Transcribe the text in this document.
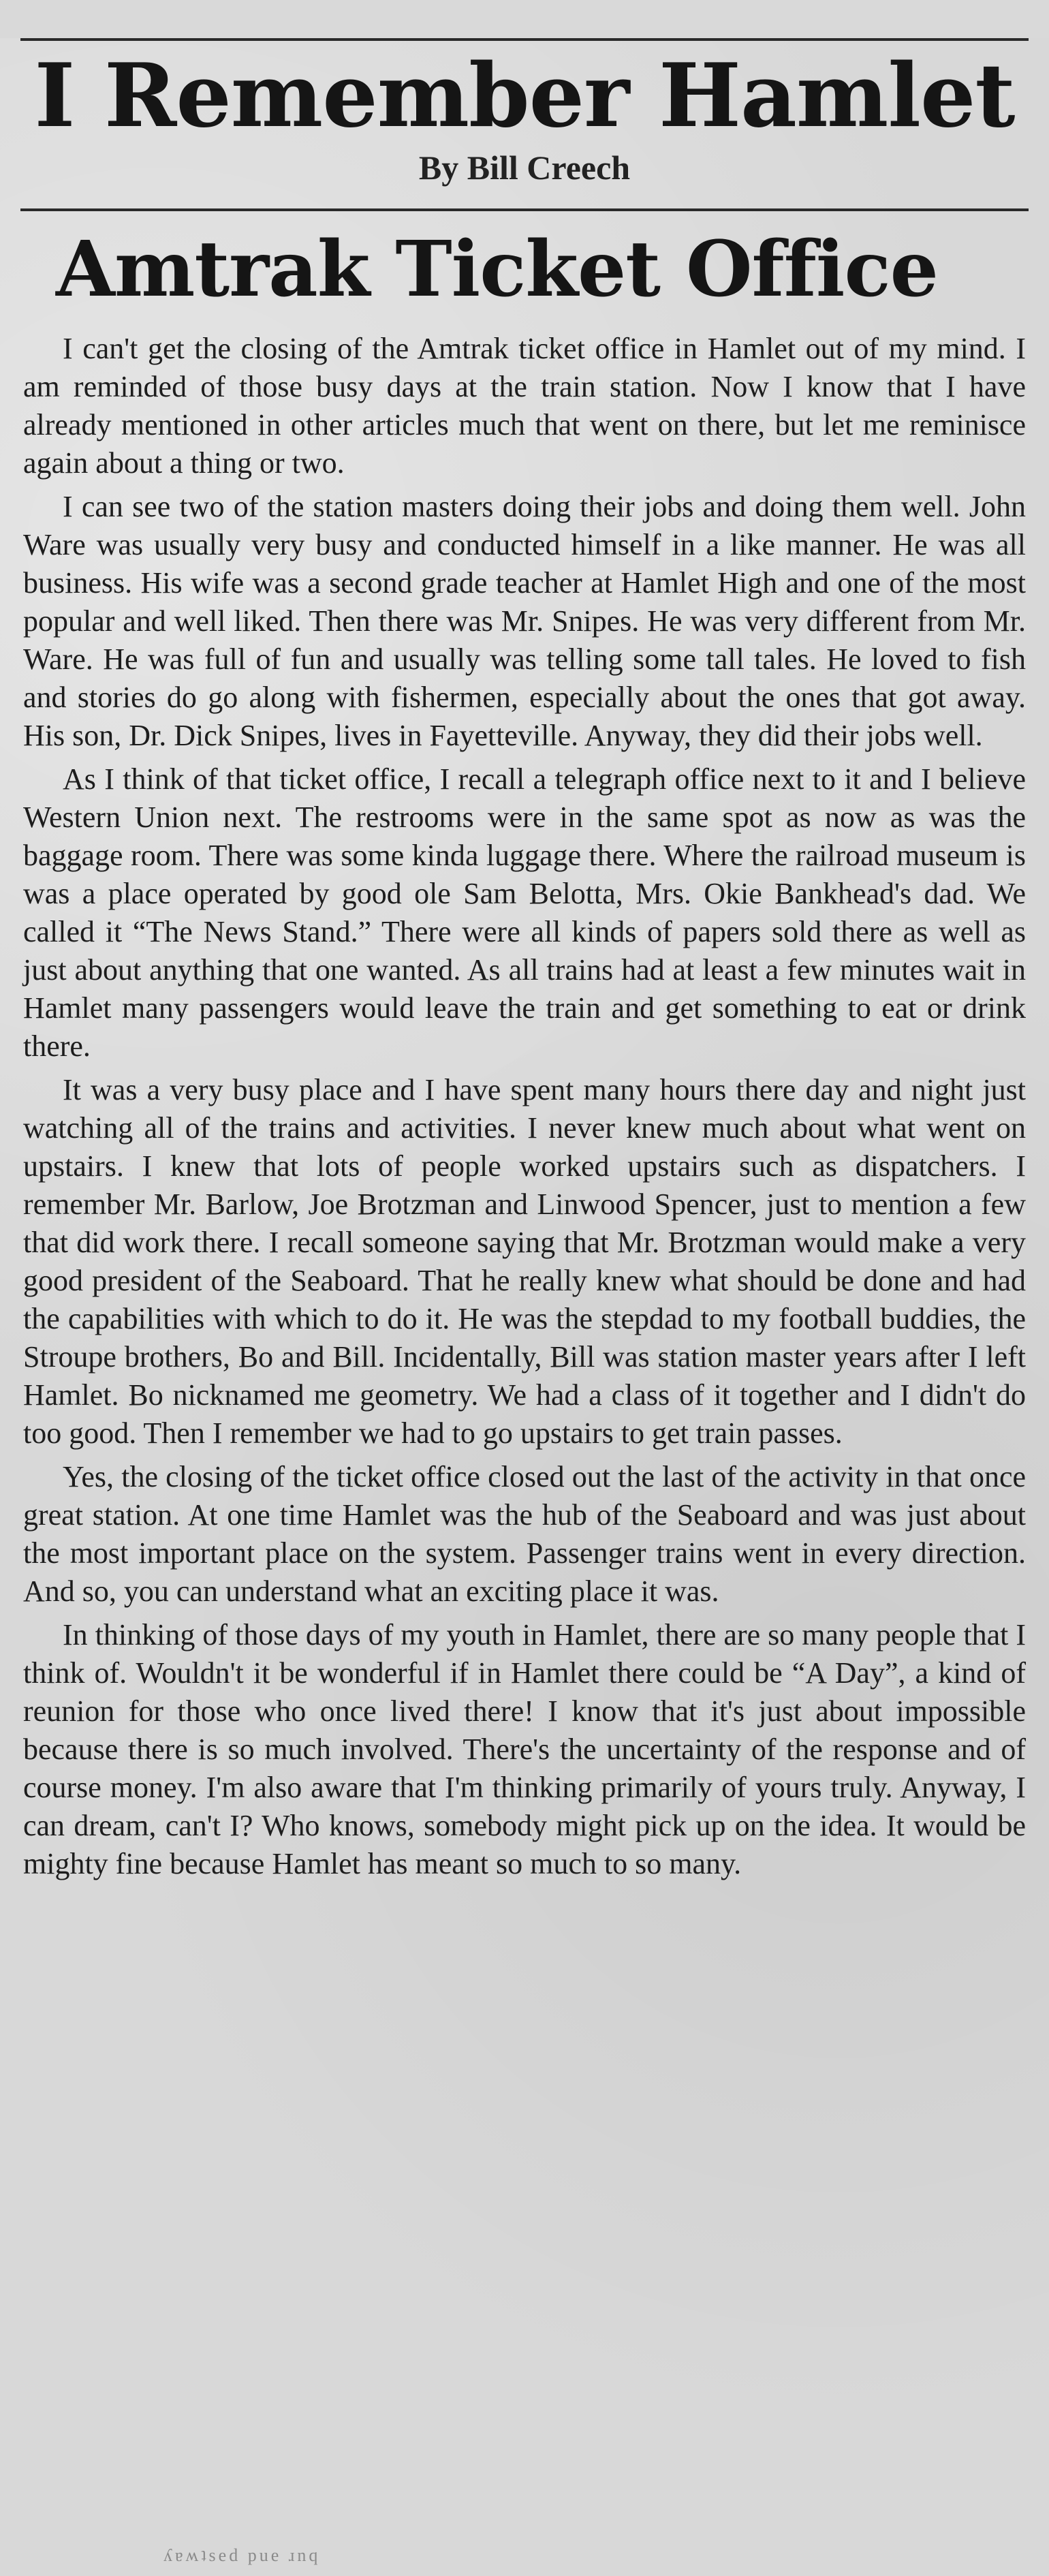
I Remember Hamlet
By Bill Creech
Amtrak Ticket Office

I can't get the closing of the Amtrak ticket office in Hamlet out of my mind. I am reminded of those busy days at the train station. Now I know that I have already mentioned in other articles much that went on there, but let me reminisce again about a thing or two.

I can see two of the station masters doing their jobs and doing them well. John Ware was usually very busy and conducted himself in a like manner. He was all business. His wife was a second grade teacher at Hamlet High and one of the most popular and well liked. Then there was Mr. Snipes. He was very different from Mr. Ware. He was full of fun and usually was telling some tall tales. He loved to fish and stories do go along with fishermen, especially about the ones that got away. His son, Dr. Dick Snipes, lives in Fayetteville. Anyway, they did their jobs well.

As I think of that ticket office, I recall a telegraph office next to it and I believe Western Union next. The restrooms were in the same spot as now as was the baggage room. There was some kinda luggage there. Where the railroad museum is was a place operated by good ole Sam Belotta, Mrs. Okie Bankhead's dad. We called it “The News Stand.” There were all kinds of papers sold there as well as just about anything that one wanted. As all trains had at least a few minutes wait in Hamlet many passengers would leave the train and get something to eat or drink there.

It was a very busy place and I have spent many hours there day and night just watching all of the trains and activities. I never knew much about what went on upstairs. I knew that lots of people worked upstairs such as dispatchers. I remember Mr. Barlow, Joe Brotzman and Linwood Spencer, just to mention a few that did work there. I recall someone saying that Mr. Brotzman would make a very good president of the Seaboard. That he really knew what should be done and had the capabilities with which to do it. He was the stepdad to my football buddies, the Stroupe brothers, Bo and Bill. Incidentally, Bill was station master years after I left Hamlet. Bo nicknamed me geometry. We had a class of it together and I didn't do too good. Then I remember we had to go upstairs to get train passes.

Yes, the closing of the ticket office closed out the last of the activity in that once great station. At one time Hamlet was the hub of the Seaboard and was just about the most important place on the system. Passenger trains went in every direction. And so, you can understand what an exciting place it was.

In thinking of those days of my youth in Hamlet, there are so many people that I think of. Wouldn't it be wonderful if in Hamlet there could be “A Day”, a kind of reunion for those who once lived there! I know that it's just about impossible because there is so much involved. There's the uncertainty of the response and of course money. I'm also aware that I'm thinking primarily of yours truly. Anyway, I can dream, can't I? Who knows, somebody might pick up on the idea. It would be mighty fine because Hamlet has meant so much to so many.

ʎɐʍʇsed pue ɹnq
